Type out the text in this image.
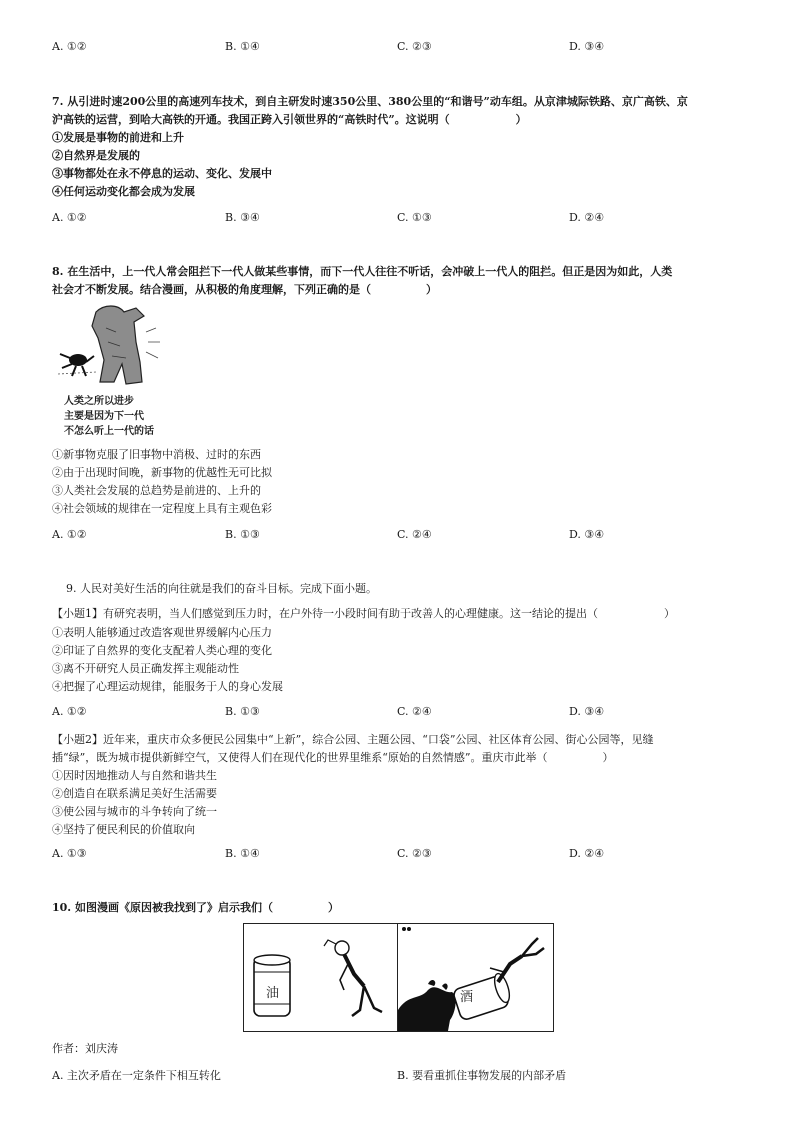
A. ①②	B. ①④	C. ②③	D. ③④
7. 从引进时速200公里的高速列车技术，到自主研发时速350公里、380公里的“和谐号”动车组。从京津城际铁路、京广高铁、京
沪高铁的运营，到哈大高铁的开通。我国正跨入引领世界的“高铁时代”。这说明（　　　　　　）
①发展是事物的前进和上升
②自然界是发展的
③事物都处在永不停息的运动、变化、发展中
④任何运动变化都会成为发展
A. ①②	B. ③④	C. ①③	D. ②④
8. 在生活中，上一代人常会阻拦下一代人做某些事情，而下一代人往往不听话，会冲破上一代人的阻拦。但正是因为如此，人类
社会才不断发展。结合漫画，从积极的角度理解，下列正确的是（　　　　　）
人类之所以进步
主要是因为下一代
不怎么听上一代的话
①新事物克服了旧事物中消极、过时的东西
②由于出现时间晚，新事物的优越性无可比拟
③人类社会发展的总趋势是前进的、上升的
④社会领域的规律在一定程度上具有主观色彩
A. ①②	B. ①③	C. ②④	D. ③④
9. 人民对美好生活的向往就是我们的奋斗目标。完成下面小题。
【小题1】有研究表明，当人们感觉到压力时，在户外待一小段时间有助于改善人的心理健康。这一结论的提出（　　　　　　）
①表明人能够通过改造客观世界缓解内心压力
②印证了自然界的变化支配着人类心理的变化
③离不开研究人员正确发挥主观能动性
④把握了心理运动规律，能服务于人的身心发展
A. ①②	B. ①③	C. ②④	D. ③④
【小题2】近年来，重庆市众多便民公园集中“上新”，综合公园、主题公园、“口袋”公园、社区体育公园、街心公园等，见缝
插“绿”，既为城市提供新鲜空气，又使得人们在现代化的世界里维系“原始的自然情感”。重庆市此举（　　　　　）
①因时因地推动人与自然和谐共生
②创造自在联系满足美好生活需要
③使公园与城市的斗争转向了统一
④坚持了便民利民的价值取向
A. ①③	B. ①④	C. ②③	D. ②④
10. 如图漫画《原因被我找到了》启示我们（　　　　　）
油	酒
作者：刘庆涛
A. 主次矛盾在一定条件下相互转化	B. 要看重抓住事物发展的内部矛盾
